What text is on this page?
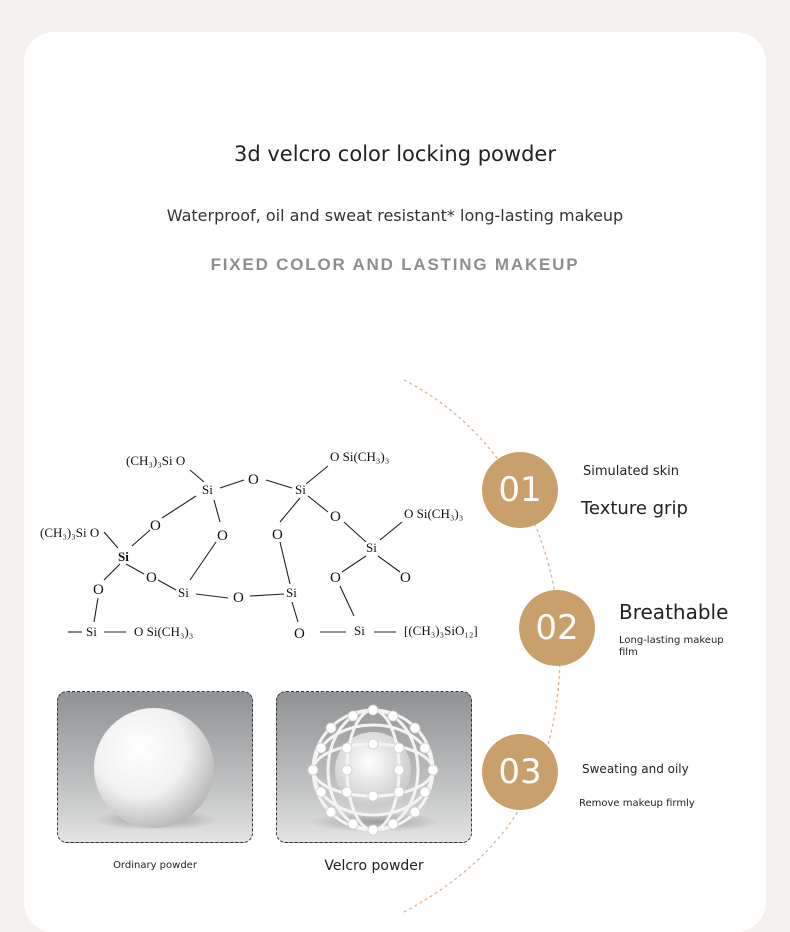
3d velcro color locking powder
Waterproof, oil and sweat resistant* long-lasting makeup
FIXED COLOR AND LASTING MAKEUP
(CH₃)₃Si O	O Si(CH₃)₃
(CH₃)₃Si O
O Si(CH₃)₃
O Si(CH₃)₃	[(CH₃)₃SiO₁₂]
Si	Si
Si
Si
Si	Si
Si	Si
O
O
O	O
O
O
O	O
O	O
O
01	Simulated skin
Texture grip
02	Breathable
Long-lasting makeup film
03	Sweating and oily
Remove makeup firmly
Ordinary powder	Velcro powder
